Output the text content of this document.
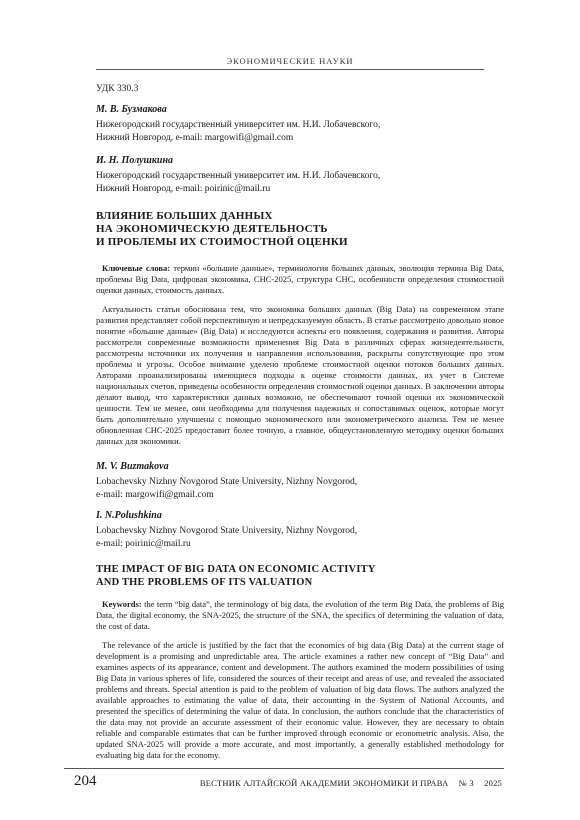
ЭКОНОМИЧЕСКИЕ НАУКИ
УДК 330.3
М. В. Бузмакова
Нижегородский государственный университет им. Н.И. Лобачевского,
Нижний Новгород, e-mail: margowifi@gmail.com
И. Н. Полушкина
Нижегородский государственный университет им. Н.И. Лобачевского,
Нижний Новгород, e-mail: poirinic@mail.ru
ВЛИЯНИЕ БОЛЬШИХ ДАННЫХ
НА ЭКОНОМИЧЕСКУЮ ДЕЯТЕЛЬНОСТЬ
И ПРОБЛЕМЫ ИХ СТОИМОСТНОЙ ОЦЕНКИ

Ключевые слова: термин «большие данные», терминология больших данных, эволюция термина Big Data, проблемы Big Data, цифровая экономика, СНС-2025, структура СНС, особенности определения стоимостной оценки данных, стоимость данных.

Актуальность статьи обоснована тем, что экономика больших данных (Big Data) на современном этапе развития представляет собой перспективную и непредсказуемую область. В статье рассмотрено довольно новое понятие «большие данные» (Big Data) и исследуются аспекты его появления, содержания и развития. Авторы рассмотрели современные возможности применения Big Data в различных сферах жизнедеятельности, рассмотрены источники их получения и направления использования, раскрыты сопутствующие про этом проблемы и угрозы. Особое внимание уделено проблеме стоимостной оценки потоков больших данных. Авторами проанализированы имеющиеся подходы к оценке стоимости данных, их учет в Системе национальных счетов, приведены особенности определения стоимостной оценки данных. В заключении авторы делают вывод, что характеристики данных возможно, не обеспечивают точной оценки их экономической ценности. Тем не менее, они необходимы для получения надежных и сопоставимых оценок, которые могут быть дополнительно улучшены с помощью экономического или эконометрического анализа. Тем не менее обновленная СНС-2025 предоставит более точную, а главное, общеустановленную методику оценки больших данных для экономики.

M. V. Buzmakova
Lobachevsky Nizhny Novgorod State University, Nizhny Novgorod,
e-mail: margowifi@gmail.com
I. N.Polushkina
Lobachevsky Nizhny Novgorod State University, Nizhny Novgorod,
e-mail: poirinic@mail.ru
THE IMPACT OF BIG DATA ON ECONOMIC ACTIVITY
AND THE PROBLEMS OF ITS VALUATION

Keywords: the term “big data”, the terminology of big data, the evolution of the term Big Data, the problems of Big Data, the digital economy, the SNA-2025, the structure of the SNA, the specifics of determining the valuation of data, the cost of data.

The relevance of the article is justified by the fact that the economics of big data (Big Data) at the current stage of development is a promising and unpredictable area. The article examines a rather new concept of “Big Data” and examines aspects of its appearance, content and development. The authors examined the modern possibilities of using Big Data in various spheres of life, considered the sources of their receipt and areas of use, and revealed the associated problems and threats. Special attention is paid to the problem of valuation of big data flows. The authors analyzed the available approaches to estimating the value of data, their accounting in the System of National Accounts, and presented the specifics of determining the value of data. In conclusion, the authors conclude that the characteristics of the data may not provide an accurate assessment of their economic value. However, they are necessary to obtain reliable and comparable estimates that can be further improved through economic or econometric analysis. Also, the updated SNA-2025 will provide a more accurate, and most importantly, a generally established methodology for evaluating big data for the economy.

204	ВЕСТНИК АЛТАЙСКОЙ АКАДЕМИИ ЭКОНОМИКИ И ПРАВА № 3 2025
